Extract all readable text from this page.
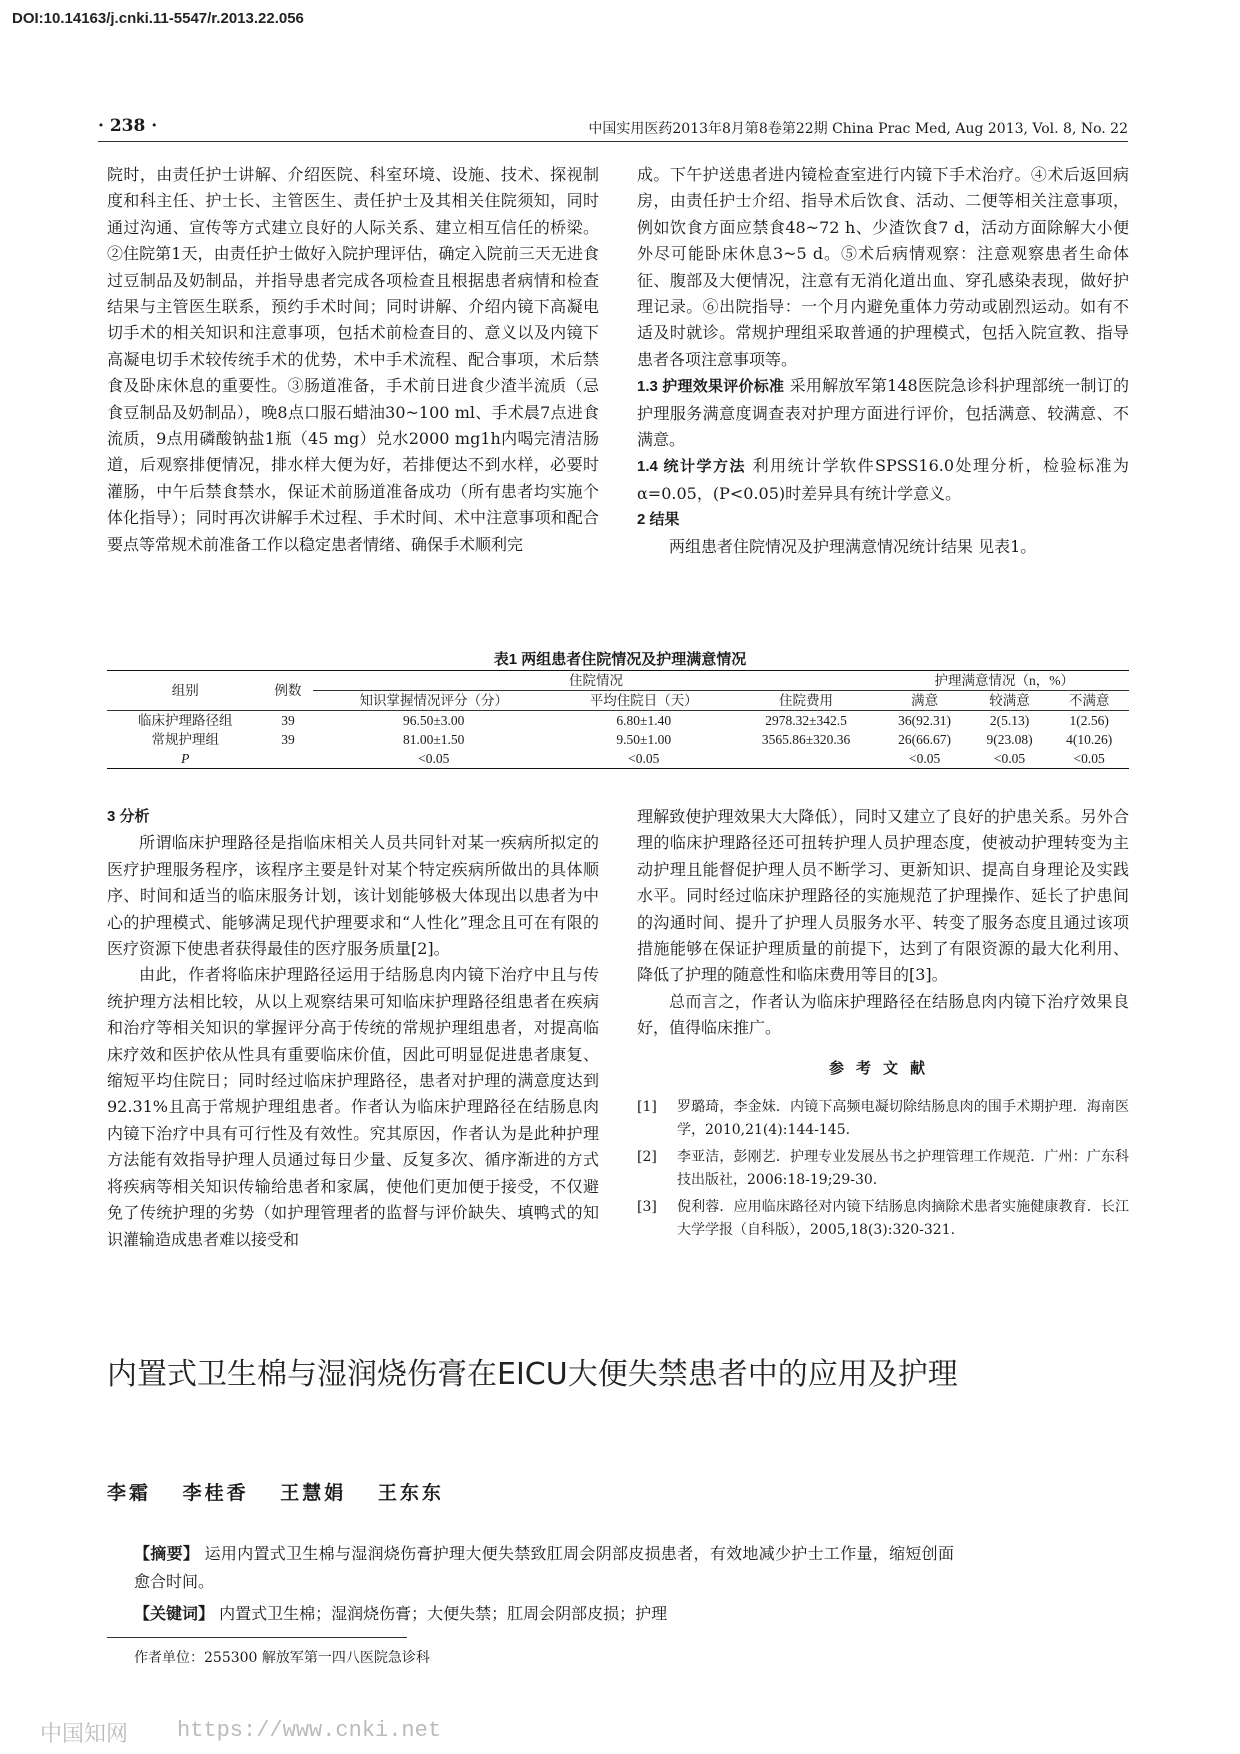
DOI:10.14163/j.cnki.11-5547/r.2013.22.056
· 238 ·	中国实用医药2013年8月第8卷第22期 China Prac Med, Aug 2013, Vol. 8, No. 22

院时，由责任护士讲解、介绍医院、科室环境、设施、技术、探视制度和科主任、护士长、主管医生、责任护士及其相关住院须知，同时通过沟通、宣传等方式建立良好的人际关系、建立相互信任的桥梁。②住院第1天，由责任护士做好入院护理评估，确定入院前三天无进食过豆制品及奶制品，并指导患者完成各项检查且根据患者病情和检查结果与主管医生联系，预约手术时间；同时讲解、介绍内镜下高凝电切手术的相关知识和注意事项，包括术前检查目的、意义以及内镜下高凝电切手术较传统手术的优势，术中手术流程、配合事项，术后禁食及卧床休息的重要性。③肠道准备，手术前日进食少渣半流质（忌食豆制品及奶制品），晚8点口服石蜡油30~100 ml、手术晨7点进食流质，9点用磷酸钠盐1瓶（45 mg）兑水2000 mg1h内喝完清洁肠道，后观察排便情况，排水样大便为好，若排便达不到水样，必要时灌肠，中午后禁食禁水，保证术前肠道准备成功（所有患者均实施个体化指导）；同时再次讲解手术过程、手术时间、术中注意事项和配合要点等常规术前准备工作以稳定患者情绪、确保手术顺利完

成。下午护送患者进内镜检查室进行内镜下手术治疗。④术后返回病房，由责任护士介绍、指导术后饮食、活动、二便等相关注意事项，例如饮食方面应禁食48~72 h、少渣饮食7 d，活动方面除解大小便外尽可能卧床休息3~5 d。⑤术后病情观察：注意观察患者生命体征、腹部及大便情况，注意有无消化道出血、穿孔感染表现，做好护理记录。⑥出院指导：一个月内避免重体力劳动或剧烈运动。如有不适及时就诊。常规护理组采取普通的护理模式，包括入院宣教、指导患者各项注意事项等。

1.3 护理效果评价标准 采用解放军第148医院急诊科护理部统一制订的护理服务满意度调查表对护理方面进行评价，包括满意、较满意、不满意。

1.4 统计学方法 利用统计学软件SPSS16.0处理分析，检验标准为α=0.05，(P<0.05)时差异具有统计学意义。

2 结果

两组患者住院情况及护理满意情况统计结果 见表1。

表1 两组患者住院情况及护理满意情况
组别	例数	住院情况			护理满意情况（n，%）		
		知识掌握情况评分（分）	平均住院日（天）	住院费用	满意	较满意	不满意
临床护理路径组	39	96.50±3.00	6.80±1.40	2978.32±342.5	36(92.31)	2(5.13)	1(2.56)
常规护理组	39	81.00±1.50	9.50±1.00	3565.86±320.36	26(66.67)	9(23.08)	4(10.26)
P		<0.05	<0.05		<0.05	<0.05	<0.05

3 分析

所谓临床护理路径是指临床相关人员共同针对某一疾病所拟定的医疗护理服务程序，该程序主要是针对某个特定疾病所做出的具体顺序、时间和适当的临床服务计划，该计划能够极大体现出以患者为中心的护理模式、能够满足现代护理要求和“人性化”理念且可在有限的医疗资源下使患者获得最佳的医疗服务质量[2]。

由此，作者将临床护理路径运用于结肠息肉内镜下治疗中且与传统护理方法相比较，从以上观察结果可知临床护理路径组患者在疾病和治疗等相关知识的掌握评分高于传统的常规护理组患者，对提高临床疗效和医护依从性具有重要临床价值，因此可明显促进患者康复、缩短平均住院日；同时经过临床护理路径，患者对护理的满意度达到92.31%且高于常规护理组患者。作者认为临床护理路径在结肠息肉内镜下治疗中具有可行性及有效性。究其原因，作者认为是此种护理方法能有效指导护理人员通过每日少量、反复多次、循序渐进的方式将疾病等相关知识传输给患者和家属，使他们更加便于接受，不仅避免了传统护理的劣势（如护理管理者的监督与评价缺失、填鸭式的知识灌输造成患者难以接受和

理解致使护理效果大大降低），同时又建立了良好的护患关系。另外合理的临床护理路径还可扭转护理人员护理态度，使被动护理转变为主动护理且能督促护理人员不断学习、更新知识、提高自身理论及实践水平。同时经过临床护理路径的实施规范了护理操作、延长了护患间的沟通时间、提升了护理人员服务水平、转变了服务态度且通过该项措施能够在保证护理质量的前提下，达到了有限资源的最大化利用、降低了护理的随意性和临床费用等目的[3]。

总而言之，作者认为临床护理路径在结肠息肉内镜下治疗效果良好，值得临床推广。

参考文献
[1]	罗璐琦，李金妹．内镜下高频电凝切除结肠息肉的围手术期护理．海南医学，2010,21(4):144-145.
[2]	李亚洁，彭刚艺．护理专业发展丛书之护理管理工作规范．广州：广东科技出版社，2006:18-19;29-30.
[3]	倪利蓉．应用临床路径对内镜下结肠息肉摘除术患者实施健康教育．长江大学学报（自科版），2005,18(3):320-321.
内置式卫生棉与湿润烧伤膏在EICU大便失禁患者中的应用及护理
李霜 李桂香 王慧娟 王东东
【摘要】 运用内置式卫生棉与湿润烧伤膏护理大便失禁致肛周会阴部皮损患者，有效地减少护士工作量，缩短创面愈合时间。
【关键词】 内置式卫生棉；湿润烧伤膏；大便失禁；肛周会阴部皮损；护理
作者单位：255300 解放军第一四八医院急诊科
中国知网 https://www.cnki.net
